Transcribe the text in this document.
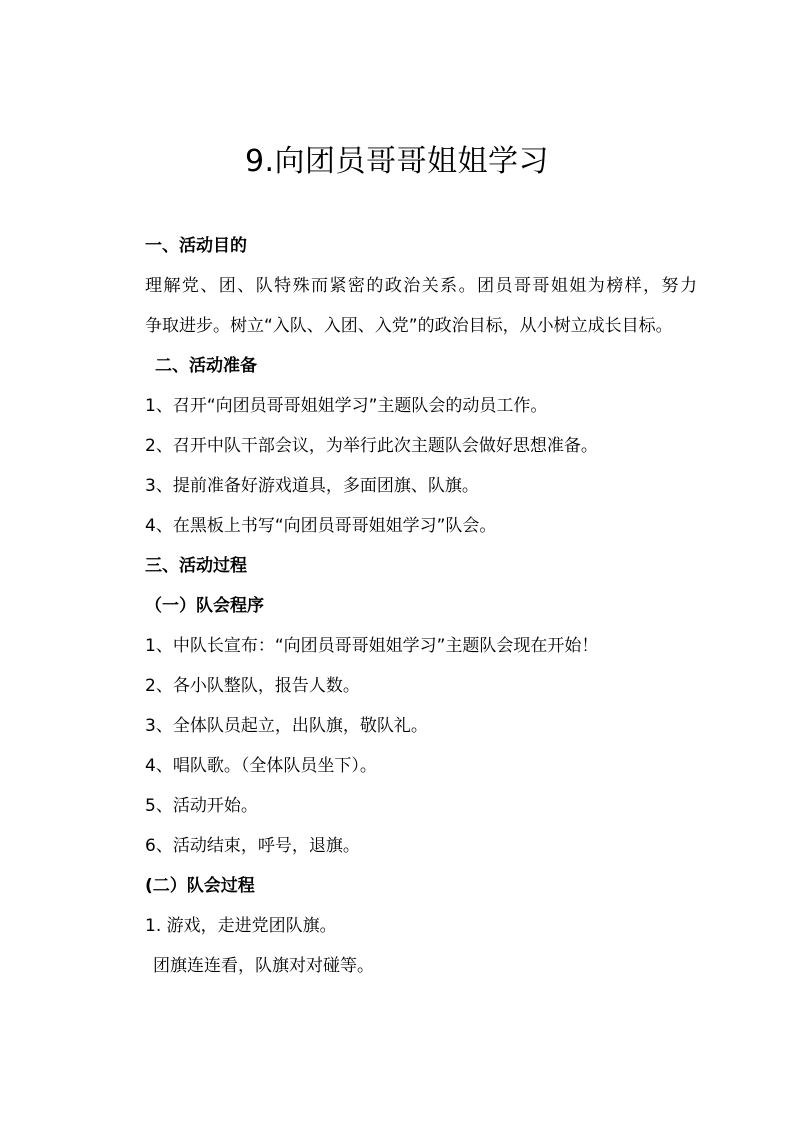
9.向团员哥哥姐姐学习

一、活动目的

理解党、团、队特殊而紧密的政治关系。团员哥哥姐姐为榜样，努力

争取进步。树立“入队、入团、入党”的政治目标，从小树立成长目标。

二、活动准备

1、召开“向团员哥哥姐姐学习”主题队会的动员工作。

2、召开中队干部会议，为举行此次主题队会做好思想准备。

3、提前准备好游戏道具，多面团旗、队旗。

4、在黑板上书写“向团员哥哥姐姐学习”队会。

三、活动过程

（一）队会程序

1、中队长宣布：“向团员哥哥姐姐学习”主题队会现在开始！

2、各小队整队，报告人数。

3、全体队员起立，出队旗，敬队礼。

4、唱队歌。（全体队员坐下）。

5、活动开始。

6、活动结束，呼号，退旗。

(二）队会过程

1. 游戏，走进党团队旗。

团旗连连看，队旗对对碰等。
